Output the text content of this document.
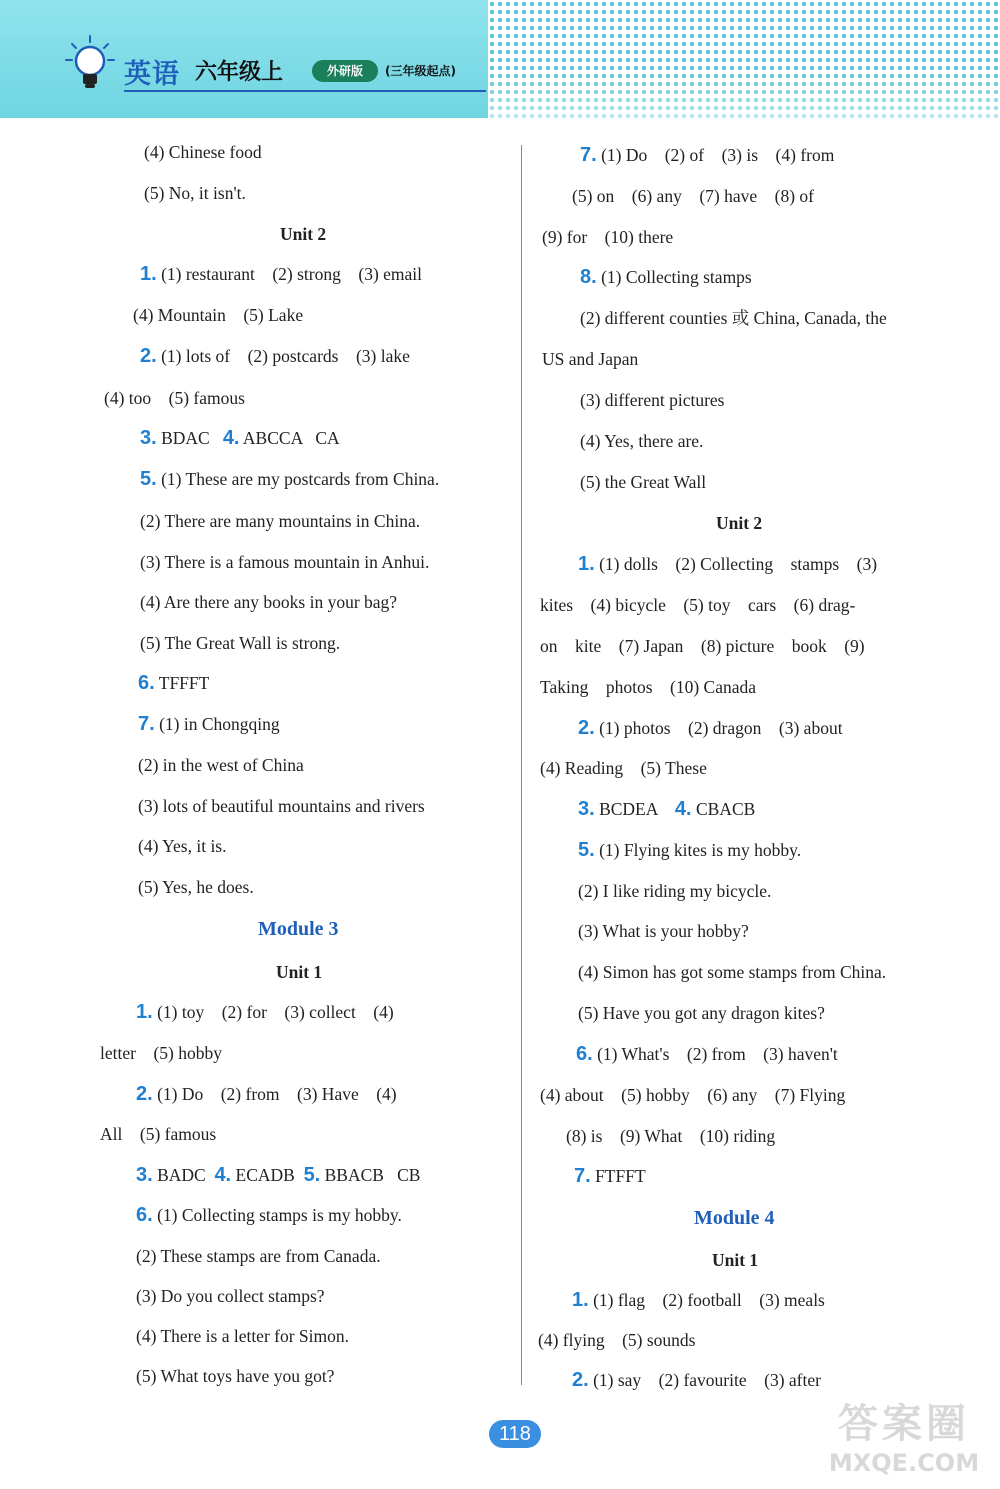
英语 六年级上	外研版	(三年级起点)
(4) Chinese food
(5) No, it isn't.
Unit 2
1. (1) restaurant    (2) strong    (3) email
(4) Mountain    (5) Lake
2. (1) lots of    (2) postcards    (3) lake
(4) too    (5) famous
3. BDAC 4. ABCCA   CA
5. (1) These are my postcards from China.
(2) There are many mountains in China.
(3) There is a famous mountain in Anhui.
(4) Are there any books in your bag?
(5) The Great Wall is strong.
6. TFFFT
7. (1) in Chongqing
(2) in the west of China
(3) lots of beautiful mountains and rivers
(4) Yes, it is.
(5) Yes, he does.
Module 3
Unit 1
1. (1) toy    (2) for    (3) collect    (4)
letter    (5) hobby
2. (1) Do    (2) from    (3) Have    (4)
All    (5) famous
3. BADC 4. ECADB 5. BBACB   CB
6. (1) Collecting stamps is my hobby.
(2) These stamps are from Canada.
(3) Do you collect stamps?
(4) There is a letter for Simon.
(5) What toys have you got?
7. (1) Do    (2) of    (3) is    (4) from
(5) on    (6) any    (7) have    (8) of
(9) for    (10) there
8. (1) Collecting stamps
(2) different counties 或 China, Canada, the
US and Japan
(3) different pictures
(4) Yes, there are.
(5) the Great Wall
Unit 2
1. (1) dolls    (2) Collecting    stamps    (3)
kites    (4) bicycle    (5) toy    cars    (6) drag-
on    kite    (7) Japan    (8) picture    book    (9)
Taking    photos    (10) Canada
2. (1) photos    (2) dragon    (3) about
(4) Reading    (5) These
3. BCDEA 4. CBACB
5. (1) Flying kites is my hobby.
(2) I like riding my bicycle.
(3) What is your hobby?
(4) Simon has got some stamps from China.
(5) Have you got any dragon kites?
6. (1) What's    (2) from    (3) haven't
(4) about    (5) hobby    (6) any    (7) Flying
(8) is    (9) What    (10) riding
7. FTFFT
Module 4
Unit 1
1. (1) flag    (2) football    (3) meals
(4) flying    (5) sounds
2. (1) say    (2) favourite    (3) after
118	答案圈
MXQE.COM
